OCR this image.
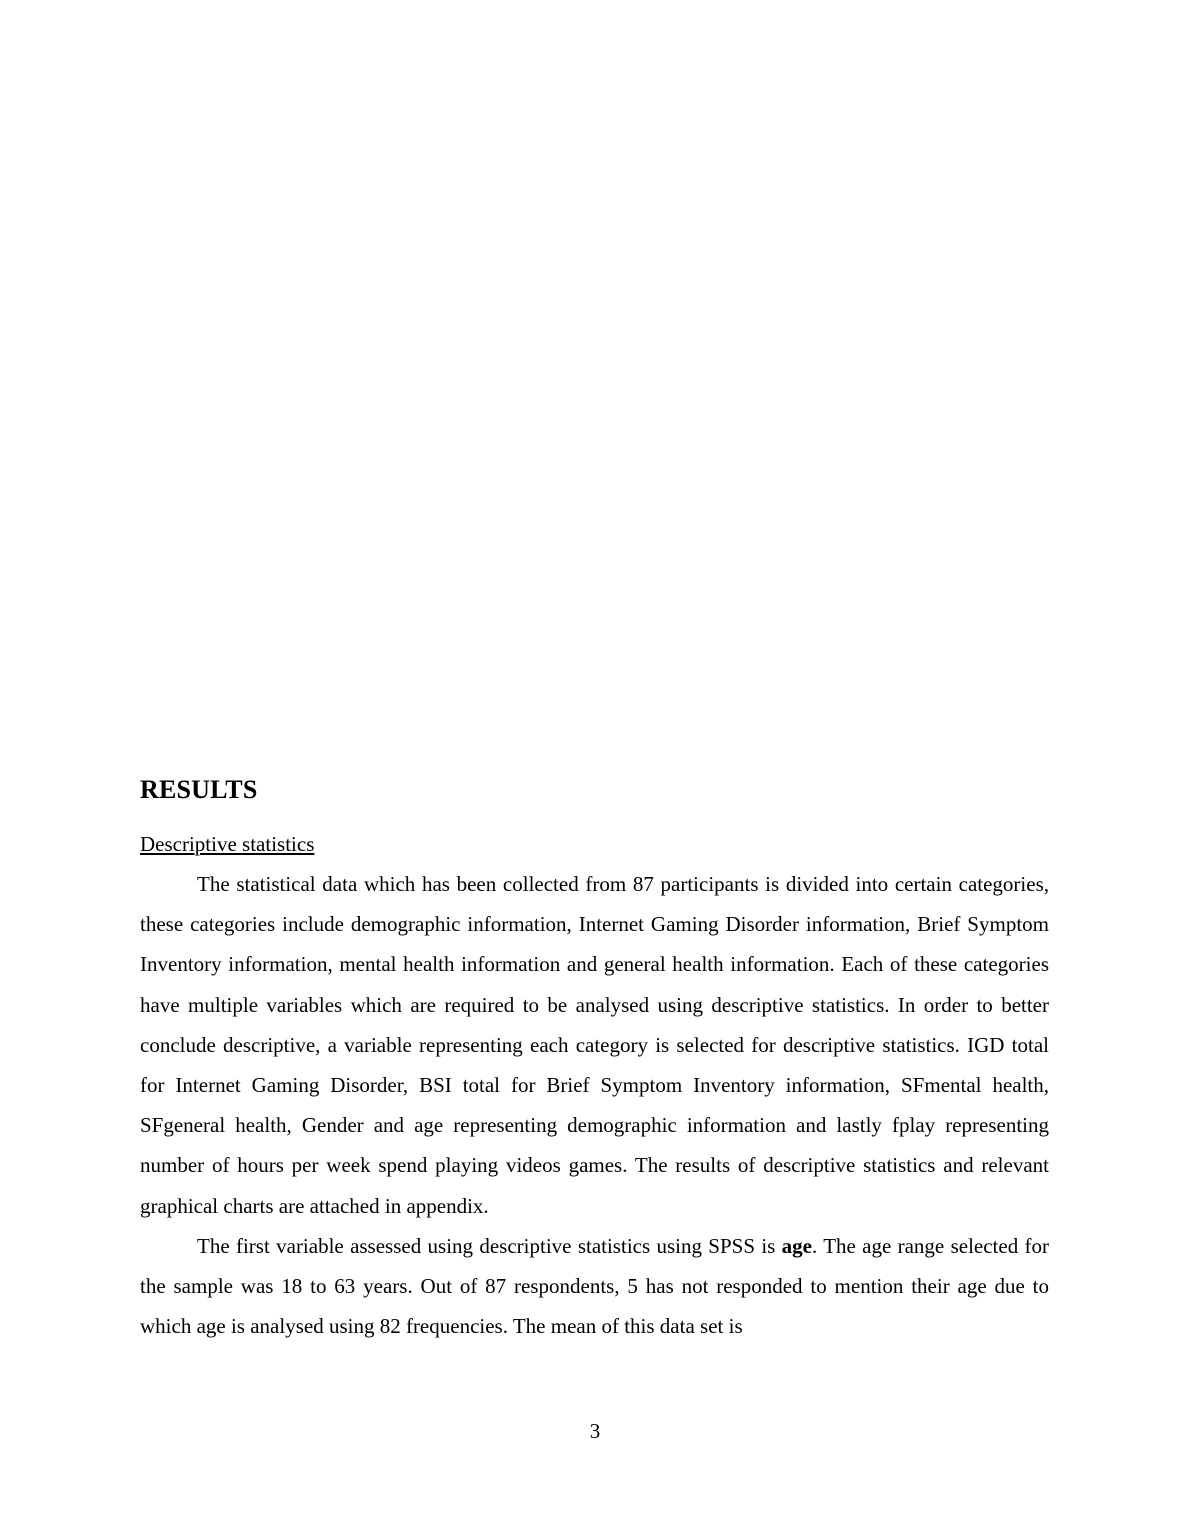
RESULTS
Descriptive statistics

The statistical data which has been collected from 87 participants is divided into certain categories, these categories include demographic information, Internet Gaming Disorder information, Brief Symptom Inventory information, mental health information and general health information. Each of these categories have multiple variables which are required to be analysed using descriptive statistics. In order to better conclude descriptive, a variable representing each category is selected for descriptive statistics. IGD total for Internet Gaming Disorder, BSI total for Brief Symptom Inventory information, SFmental health, SFgeneral health, Gender and age representing demographic information and lastly fplay representing number of hours per week spend playing videos games. The results of descriptive statistics and relevant graphical charts are attached in appendix.

The first variable assessed using descriptive statistics using SPSS is age. The age range selected for the sample was 18 to 63 years. Out of 87 respondents, 5 has not responded to mention their age due to which age is analysed using 82 frequencies. The mean of this data set is

3
